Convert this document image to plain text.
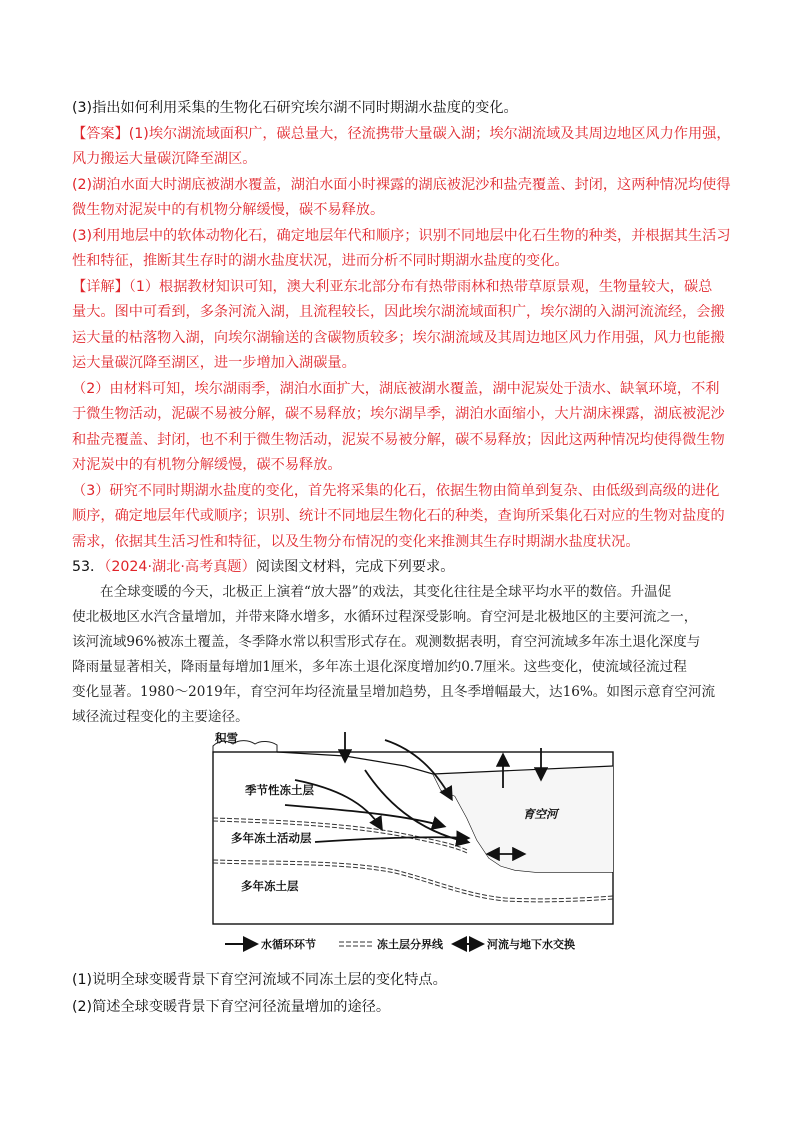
(3)指出如何利用采集的生物化石研究埃尔湖不同时期湖水盐度的变化。
【答案】(1)埃尔湖流域面积广，碳总量大，径流携带大量碳入湖；埃尔湖流域及其周边地区风力作用强，
风力搬运大量碳沉降至湖区。
(2)湖泊水面大时湖底被湖水覆盖，湖泊水面小时裸露的湖底被泥沙和盐壳覆盖、封闭，这两种情况均使得
微生物对泥炭中的有机物分解缓慢，碳不易释放。
(3)利用地层中的软体动物化石，确定地层年代和顺序；识别不同地层中化石生物的种类，并根据其生活习
性和特征，推断其生存时的湖水盐度状况，进而分析不同时期湖水盐度的变化。
【详解】（1）根据教材知识可知，澳大利亚东北部分布有热带雨林和热带草原景观，生物量较大，碳总
量大。图中可看到，多条河流入湖，且流程较长，因此埃尔湖流域面积广，埃尔湖的入湖河流流经，会搬
运大量的枯落物入湖，向埃尔湖输送的含碳物质较多；埃尔湖流域及其周边地区风力作用强，风力也能搬
运大量碳沉降至湖区，进一步增加入湖碳量。
（2）由材料可知，埃尔湖雨季，湖泊水面扩大，湖底被湖水覆盖，湖中泥炭处于渍水、缺氧环境，不利
于微生物活动，泥碳不易被分解，碳不易释放；埃尔湖旱季，湖泊水面缩小，大片湖床裸露，湖底被泥沙
和盐壳覆盖、封闭，也不利于微生物活动，泥炭不易被分解，碳不易释放；因此这两种情况均使得微生物
对泥炭中的有机物分解缓慢，碳不易释放。
（3）研究不同时期湖水盐度的变化，首先将采集的化石，依据生物由简单到复杂、由低级到高级的进化
顺序，确定地层年代或顺序；识别、统计不同地层生物化石的种类，查询所采集化石对应的生物对盐度的
需求，依据其生活习性和特征，以及生物分布情况的变化来推测其生存时期湖水盐度状况。
53．（2024·湖北·高考真题）阅读图文材料，完成下列要求。
在全球变暖的今天，北极正上演着“放大器”的戏法，其变化往往是全球平均水平的数倍。升温促
使北极地区水汽含量增加，并带来降水增多，水循环过程深受影响。育空河是北极地区的主要河流之一，
该河流域96%被冻土覆盖，冬季降水常以积雪形式存在。观测数据表明，育空河流域多年冻土退化深度与
降雨量显著相关，降雨量每增加1厘米，多年冻土退化深度增加约0.7厘米。这些变化，使流域径流过程
变化显著。1980～2019年，育空河年均径流量呈增加趋势，且冬季增幅最大，达16%。如图示意育空河流
域径流过程变化的主要途径。
积雪
季节性冻土层
多年冻土活动层
多年冻土层
育空河
水循环环节	冻土层分界线	河流与地下水交换
(1)说明全球变暖背景下育空河流域不同冻土层的变化特点。
(2)简述全球变暖背景下育空河径流量增加的途径。
